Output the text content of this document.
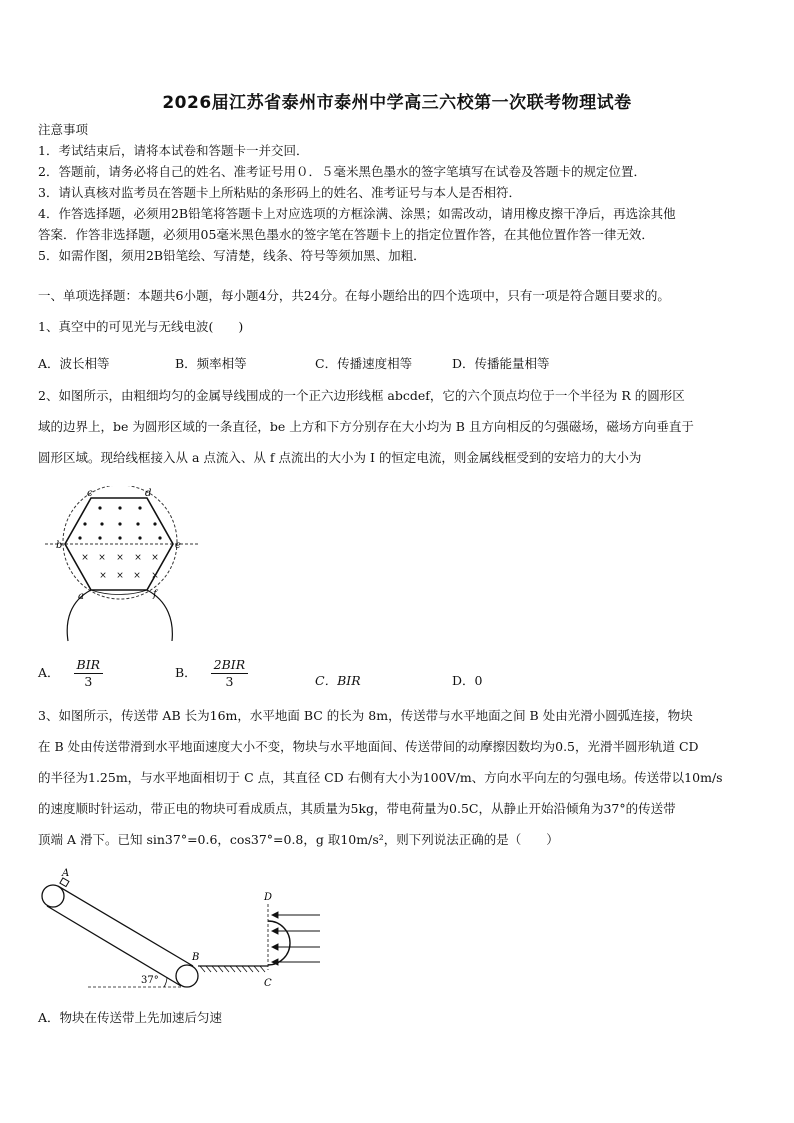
2026届江苏省泰州市泰州中学高三六校第一次联考物理试卷
注意事项
1．考试结束后，请将本试卷和答题卡一并交回．
2．答题前，请务必将自己的姓名、准考证号用０．５毫米黑色墨水的签字笔填写在试卷及答题卡的规定位置．
3．请认真核对监考员在答题卡上所粘贴的条形码上的姓名、准考证号与本人是否相符．
4．作答选择题，必须用2B铅笔将答题卡上对应选项的方框涂满、涂黑；如需改动，请用橡皮擦干净后，再选涂其他
答案．作答非选择题，必须用05毫米黑色墨水的签字笔在答题卡上的指定位置作答，在其他位置作答一律无效．
5．如需作图，须用2B铅笔绘、写清楚，线条、符号等须加黑、加粗．
一、单项选择题：本题共6小题，每小题4分，共24分。在每小题给出的四个选项中，只有一项是符合题目要求的。
1、真空中的可见光与无线电波(　　)
A．波长相等	B．频率相等	C．传播速度相等	D．传播能量相等
2、如图所示，由粗细均匀的金属导线围成的一个正六边形线框 abcdef，它的六个顶点均位于一个半径为 R 的圆形区
域的边界上，be 为圆形区域的一条直径，be 上方和下方分别存在大小均为 B 且方向相反的匀强磁场，磁场方向垂直于
圆形区域。现给线框接入从 a 点流入、从 f 点流出的大小为 I 的恒定电流，则金属线框受到的安培力的大小为
× × × × ×
× × × ×
c	d
b	e
a	f
A． $\frac{\text{BIR}}{3}$	B． $\frac{\text{2BIR}}{3}$	C．BIR	D．0
3、如图所示，传送带 AB 长为16m，水平地面 BC 的长为 8m，传送带与水平地面之间 B 处由光滑小圆弧连接，物块
在 B 处由传送带滑到水平地面速度大小不变，物块与水平地面间、传送带间的动摩擦因数均为0.5，光滑半圆形轨道 CD
的半径为1.25m，与水平地面相切于 C 点，其直径 CD 右侧有大小为100V/m、方向水平向左的匀强电场。传送带以10m/s
的速度顺时针运动，带正电的物块可看成质点，其质量为5kg，带电荷量为0.5C，从静止开始沿倾角为37°的传送带
顶端 A 滑下。已知 sin37°=0.6，cos37°=0.8，g 取10m/s²，则下列说法正确的是（　　）
A
B
D
C
37°
A．物块在传送带上先加速后匀速
